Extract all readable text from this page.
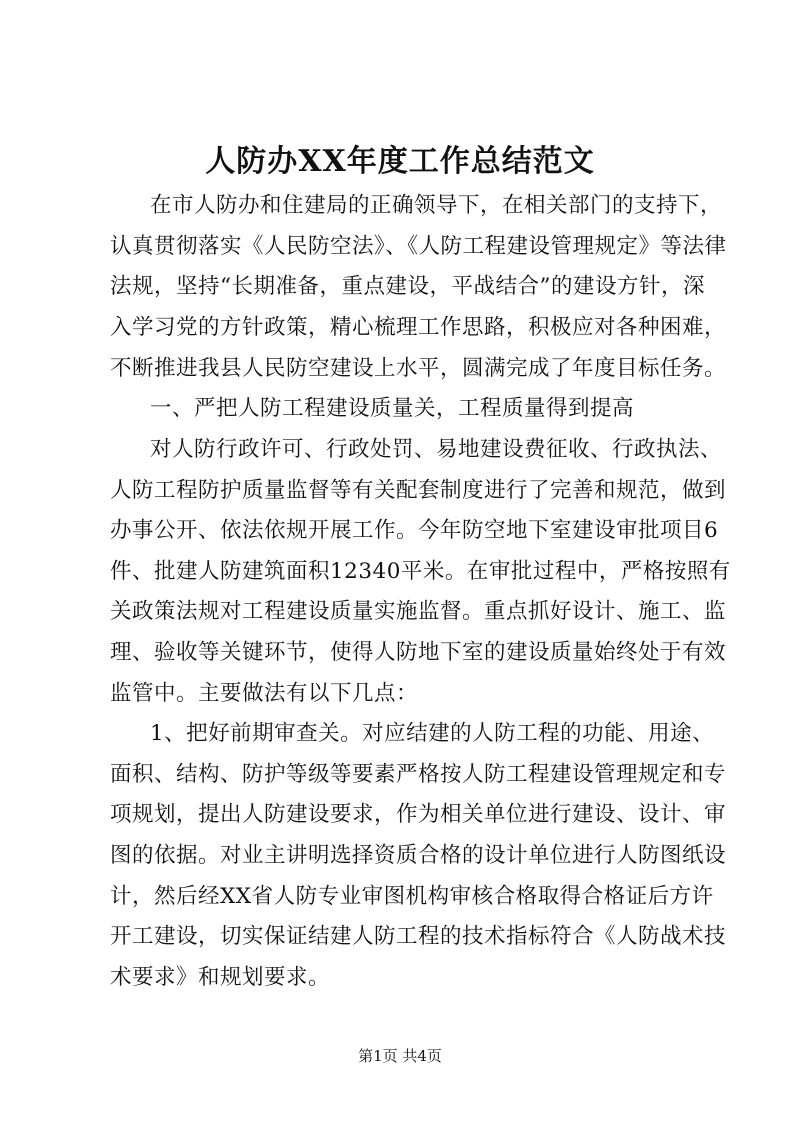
人防办XX年度工作总结范文
在市人防办和住建局的正确领导下，在相关部门的支持下，
认真贯彻落实《人民防空法》、《人防工程建设管理规定》等法律
法规，坚持“长期准备，重点建设，平战结合”的建设方针，深
入学习党的方针政策，精心梳理工作思路，积极应对各种困难，
不断推进我县人民防空建设上水平，圆满完成了年度目标任务。
一、严把人防工程建设质量关，工程质量得到提高
对人防行政许可、行政处罚、易地建设费征收、行政执法、
人防工程防护质量监督等有关配套制度进行了完善和规范，做到
办事公开、依法依规开展工作。今年防空地下室建设审批项目6
件、批建人防建筑面积12340平米。在审批过程中，严格按照有
关政策法规对工程建设质量实施监督。重点抓好设计、施工、监
理、验收等关键环节，使得人防地下室的建设质量始终处于有效
监管中。主要做法有以下几点：
1、把好前期审查关。对应结建的人防工程的功能、用途、
面积、结构、防护等级等要素严格按人防工程建设管理规定和专
项规划，提出人防建设要求，作为相关单位进行建设、设计、审
图的依据。对业主讲明选择资质合格的设计单位进行人防图纸设
计，然后经XX省人防专业审图机构审核合格取得合格证后方许
开工建设，切实保证结建人防工程的技术指标符合《人防战术技
术要求》和规划要求。
第1页 共4页
